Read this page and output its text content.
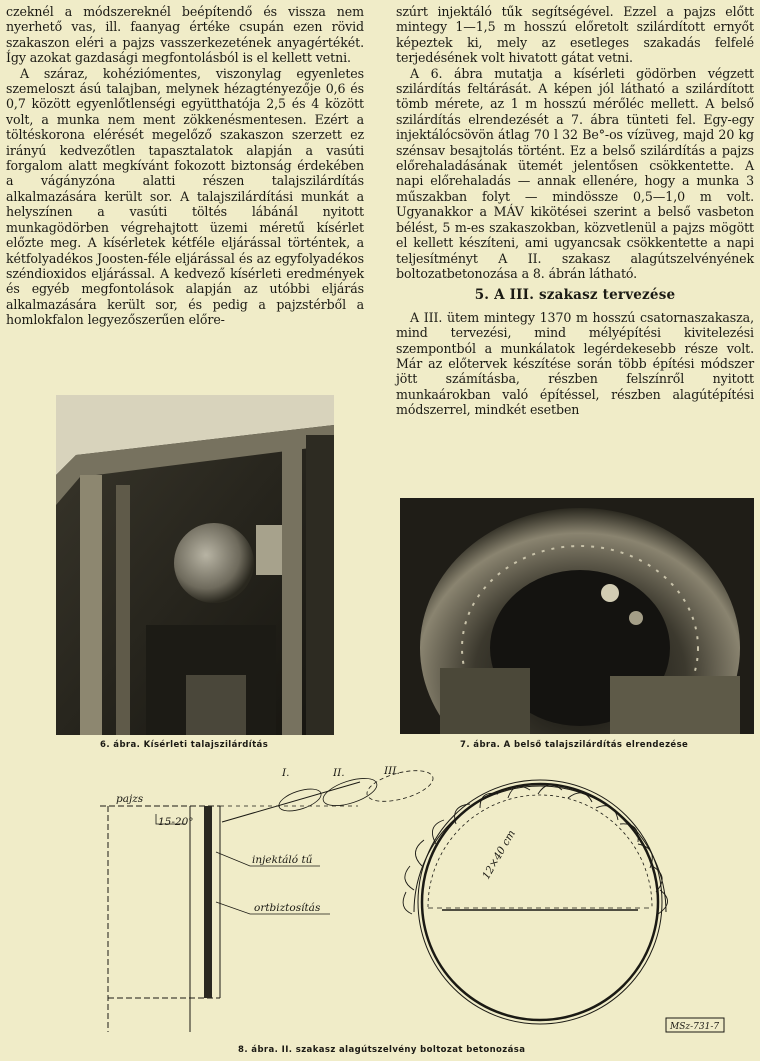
czeknél a módszereknél beépítendő és vissza nem nyerhető vas, ill. faanyag értéke csupán ezen rövid szakaszon eléri a pajzs vasszerkezetének anyagértékét. Így azokat gazdasági megfontolásból is el kellett vetni.

A száraz, kohéziómentes, viszonylag egyenletes szemeloszt ású talajban, melynek hézagtényezője 0,6 és 0,7 között egyenlőtlenségi együtthatója 2,5 és 4 között volt, a munka nem ment zökkenésmentesen. Ezért a töltéskorona elérését megelőző szakaszon szerzett ez irányú kedvezőtlen tapasztalatok alapján a vasúti forgalom alatt megkívánt fokozott biztonság érdekében a vágányzóna alatti részen talajszilárdítás alkalmazására került sor. A talajszilárdítási munkát a helyszínen a vasúti töltés lábánál nyitott munkagödörben végrehajtott üzemi méretű kísérlet előzte meg. A kísérletek kétféle eljárással történtek, a kétfolyadékos Joosten-féle eljárással és az egyfolyadékos széndioxidos eljárással. A kedvező kísérleti eredmények és egyéb megfontolások alapján az utóbbi eljárás alkalmazására került sor, és pedig a pajzstérből a homlokfalon legyezőszerűen előre-

szúrt injektáló tűk segítségével. Ezzel a pajzs előtt mintegy 1—1,5 m hosszú előretolt szilárdított ernyőt képeztek ki, mely az esetleges szakadás felfelé terjedésének volt hivatott gátat vetni.

A 6. ábra mutatja a kísérleti gödörben végzett szilárdítás feltárását. A képen jól látható a szilárdított tömb mérete, az 1 m hosszú mérőléc mellett. A belső szilárdítás elrendezését a 7. ábra tünteti fel. Egy-egy injektálócsövön átlag 70 l 32 Be°-os vízüveg, majd 20 kg szénsav besajtolás történt. Ez a belső szilárdítás a pajzs előrehaladásának ütemét jelentősen csökkentette. A napi előrehaladás — annak ellenére, hogy a munka 3 műszakban folyt — mindössze 0,5—1,0 m volt. Ugyanakkor a MÁV kikötései szerint a belső vasbeton bélést, 5 m-es szakaszokban, közvetlenül a pajzs mögött el kellett készíteni, ami ugyancsak csökkentette a napi teljesítményt A II. szakasz alagútszelvényének boltozatbetonozása a 8. ábrán látható.

5. A III. szakasz tervezése

A III. ütem mintegy 1370 m hosszú csatornaszakasza, mind tervezési, mind mélyépítési kivitelezési szempontból a munkálatok legérdekesebb része volt. Már az előtervek készítése során több építési módszer jött számításba, részben felszínről nyitott munkaárokban való építéssel, részben alagútépítési módszerrel, mindkét esetben

6. ábra. Kísérleti talajszilárdítás	7. ábra. A belső talajszilárdítás elrendezése
pajzs
15-20°
injektáló tű
ortbiztosítás
I.	II.	III.
12×40 cm
MSz-731-7
8. ábra. II. szakasz alagútszelvény boltozat betonozása
